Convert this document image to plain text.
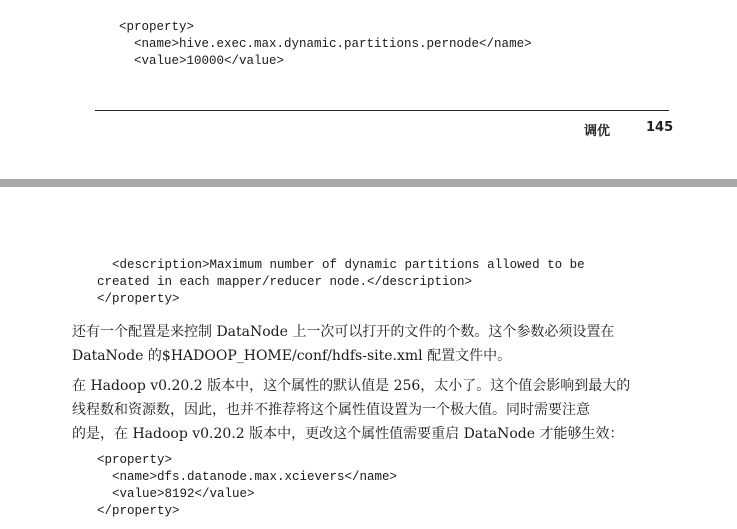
<property>
<name>hive.exec.max.dynamic.partitions.pernode</name>
<value>10000</value>
调优	145
<description>Maximum number of dynamic partitions allowed to be
created in each mapper/reducer node.</description>
</property>
还有一个配置是来控制 DataNode 上一次可以打开的文件的个数。这个参数必须设置在
DataNode 的$HADOOP_HOME/conf/hdfs-site.xml 配置文件中。
在 Hadoop v0.20.2 版本中，这个属性的默认值是 256，太小了。这个值会影响到最大的
线程数和资源数，因此，也并不推荐将这个属性值设置为一个极大值。同时需要注意
的是，在 Hadoop v0.20.2 版本中，更改这个属性值需要重启 DataNode 才能够生效：
<property>
<name>dfs.datanode.max.xcievers</name>
<value>8192</value>
</property>
